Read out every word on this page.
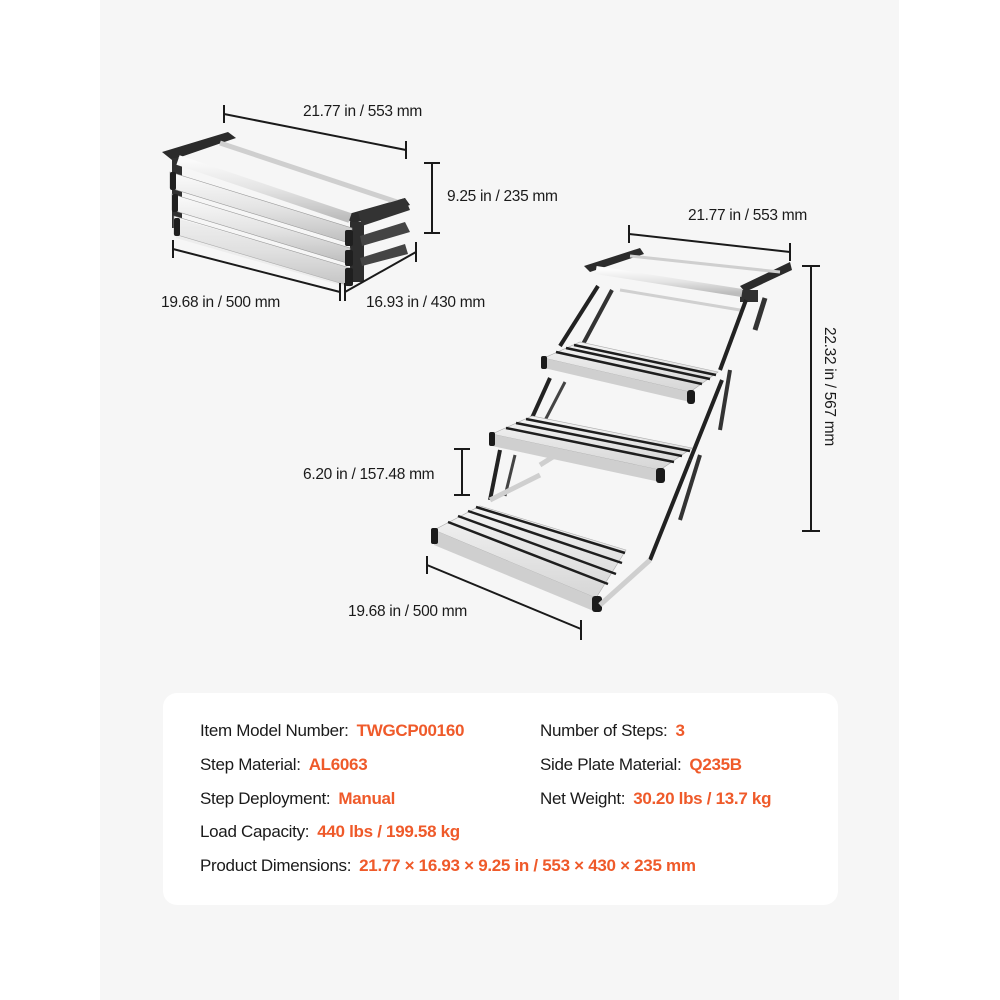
21.77 in / 553 mm
9.25 in / 235 mm
19.68 in / 500 mm	16.93 in / 430 mm
21.77 in / 553 mm
22.32 in / 567 mm
6.20 in / 157.48 mm
19.68 in / 500 mm
Item Model Number: TWGCP00160	Number of Steps: 3
Step Material: AL6063	Side Plate Material: Q235B
Step Deployment: Manual	Net Weight: 30.20 lbs / 13.7 kg
Load Capacity: 440 lbs / 199.58 kg
Product Dimensions: 21.77 × 16.93 × 9.25 in / 553 × 430 × 235 mm
